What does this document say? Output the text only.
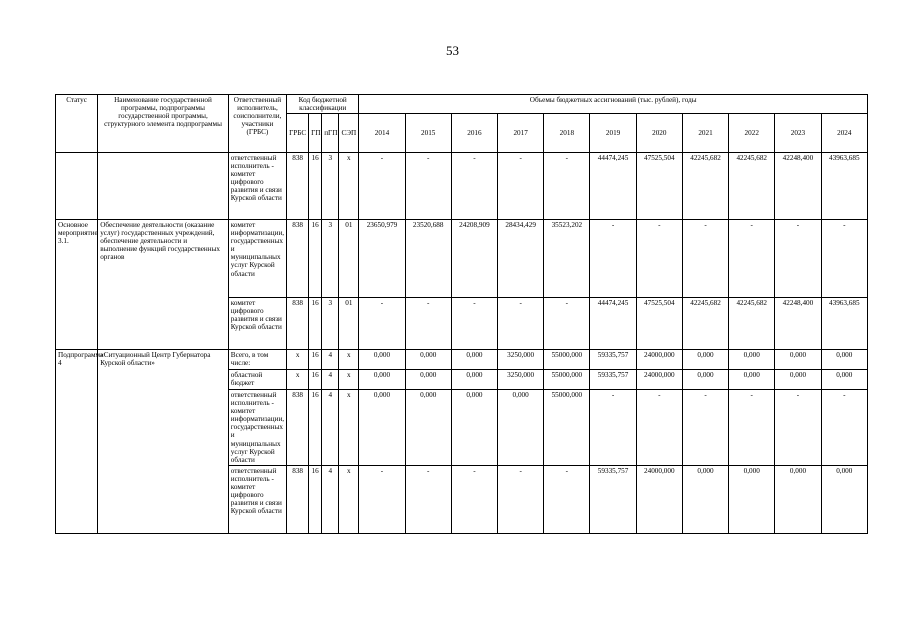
53
Статус	Наименование государственной программы, подпрограммы государственной программы, структурного элемента подпрограммы	Ответственный исполнитель, соисполнители, участники (ГРБС)	Код бюджетной классификации				Объемы бюджетных ассигнований (тыс. рублей), годы										
			ГРБС	ГП	пГП	СЭП	2014	2015	2016	2017	2018	2019	2020	2021	2022	2023	2024
		ответственный исполнитель - комитет цифрового развития и связи Курской области	838	16	3	х	-	-	-	-	-	44474,245	47525,504	42245,682	42245,682	42248,400	43963,685
Основное мероприятие 3.1.	Обеспечение деятельности (оказание услуг) государственных учреждений, обеспечение деятельности и выполнение функций государственных органов	комитет информатизации, государственных и муниципальных услуг Курской области	838	16	3	01	23650,979	23520,688	24208,909	28434,429	35523,202	-	-	-	-	-	-
		комитет цифрового развития и связи Курской области	838	16	3	01	-	-	-	-	-	44474,245	47525,504	42245,682	42245,682	42248,400	43963,685
Подпрограмма 4	«Ситуационный Центр Губернатора Курской области»	Всего, в том числе:	х	16	4	х	0,000	0,000	0,000	3250,000	55000,000	59335,757	24000,000	0,000	0,000	0,000	0,000
		областной бюджет	х	16	4	х	0,000	0,000	0,000	3250,000	55000,000	59335,757	24000,000	0,000	0,000	0,000	0,000
		ответственный исполнитель - комитет информатизации, государственных и муниципальных услуг Курской области	838	16	4	х	0,000	0,000	0,000	0,000	55000,000	-	-	-	-	-	-
		ответственный исполнитель - комитет цифрового развития и связи Курской области	838	16	4	х	-	-	-	-	-	59335,757	24000,000	0,000	0,000	0,000	0,000
